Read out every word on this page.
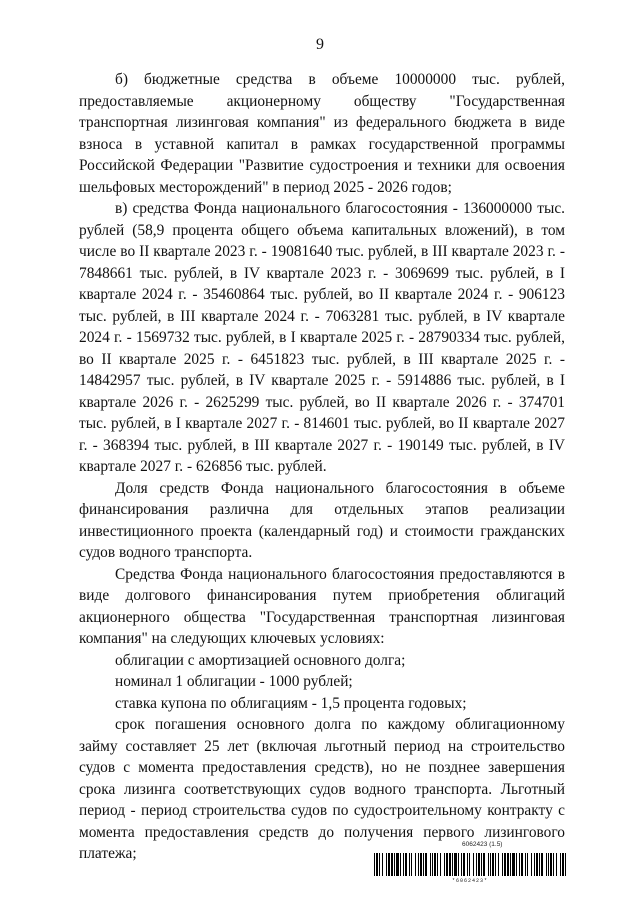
9

б) бюджетные средства в объеме 10000000 тыс. рублей, предоставляемые акционерному обществу "Государственная транспортная лизинговая компания" из федерального бюджета в виде взноса в уставной капитал в рамках государственной программы Российской Федерации "Развитие судостроения и техники для освоения шельфовых месторождений" в период 2025 - 2026 годов;

в) средства Фонда национального благосостояния - 136000000 тыс. рублей (58,9 процента общего объема капитальных вложений), в том числе во II квартале 2023 г. - 19081640 тыс. рублей, в III квартале 2023 г. - 7848661 тыс. рублей, в IV квартале 2023 г. - 3069699 тыс. рублей, в I квартале 2024 г. - 35460864 тыс. рублей, во II квартале 2024 г. - 906123 тыс. рублей, в III квартале 2024 г. - 7063281 тыс. рублей, в IV квартале 2024 г. - 1569732 тыс. рублей, в I квартале 2025 г. - 28790334 тыс. рублей, во II квартале 2025 г. - 6451823 тыс. рублей, в III квартале 2025 г. - 14842957 тыс. рублей, в IV квартале 2025 г. - 5914886 тыс. рублей, в I квартале 2026 г. - 2625299 тыс. рублей, во II квартале 2026 г. - 374701 тыс. рублей, в I квартале 2027 г. - 814601 тыс. рублей, во II квартале 2027 г. - 368394 тыс. рублей, в III квартале 2027 г. - 190149 тыс. рублей, в IV квартале 2027 г. - 626856 тыс. рублей.

Доля средств Фонда национального благосостояния в объеме финансирования различна для отдельных этапов реализации инвестиционного проекта (календарный год) и стоимости гражданских судов водного транспорта.

Средства Фонда национального благосостояния предоставляются в виде долгового финансирования путем приобретения облигаций акционерного общества "Государственная транспортная лизинговая компания" на следующих ключевых условиях:

облигации с амортизацией основного долга;

номинал 1 облигации - 1000 рублей;

ставка купона по облигациям - 1,5 процента годовых;

срок погашения основного долга по каждому облигационному займу составляет 25 лет (включая льготный период на строительство судов с момента предоставления средств), но не позднее завершения срока лизинга соответствующих судов водного транспорта. Льготный период - период строительства судов по судостроительному контракту с момента предоставления средств до получения первого лизингового платежа;

6062423 (1.5)
*6062423*
